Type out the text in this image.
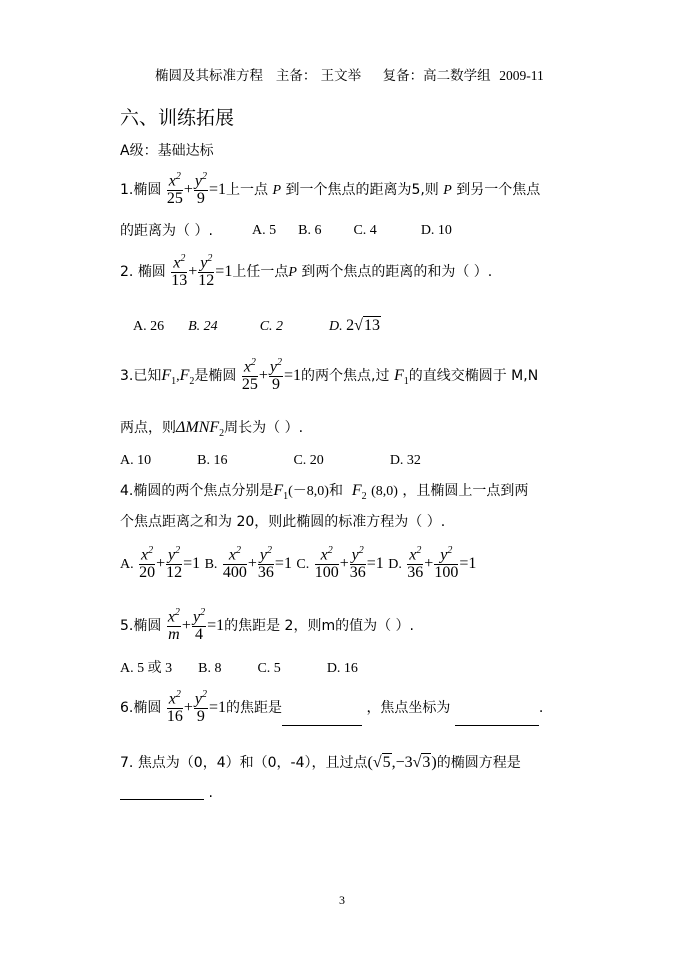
椭圆及其标准方程 主备： 王文举 复备：高二数学组 2009-11
六、训练拓展
A级：基础达标
1.椭圆 $\frac{x^2}{25} + \frac{y^2}{9} =1$上一点 P 到一个焦点的距离为5,则 P 到另一个焦点
的距离为（ ）.	A. 5 B. 6 C. 4	D. 10
2. 椭圆 $\frac{x^2}{13} + \frac{y^2}{12} =1$上任一点P 到两个焦点的距离的和为（ ）.
A. 26 B. 24	C. 2	D. 2√13
3.已知$F_1,F_2$是椭圆 $\frac{x^2}{25} + \frac{y^2}{9} =1$的两个焦点,过 $F_1$的直线交椭圆于 M,N
两点，则$\Delta MNF_2$周长为（ ）.
A. 10	B. 16	C. 20	D. 32
4.椭圆的两个焦点分别是$F_1(-8,0)$和 $F_2$ (8,0) ，且椭圆上一点到两
个焦点距离之和为 20，则此椭圆的标准方程为（ ）.
A. $\frac{x^2}{20} + \frac{y^2}{12} =1$ B. $\frac{x^2}{400} + \frac{y^2}{36} =1$ C. $\frac{x^2}{100} + \frac{y^2}{36} =1$ D. $\frac{x^2}{36} + \frac{y^2}{100} =1$
5.椭圆 $\frac{x^2}{m} + \frac{y^2}{4} =1$的焦距是 2，则m的值为（ ）.
A. 5 或 3 B. 8	C. 5	D. 16
6.椭圆 $\frac{x^2}{16} + \frac{y^2}{9} =1$的焦距是	，焦点坐标为	.
7. 焦点为（0，4）和（0，-4），且过点(√5,−3√3)的椭圆方程是
.
3
